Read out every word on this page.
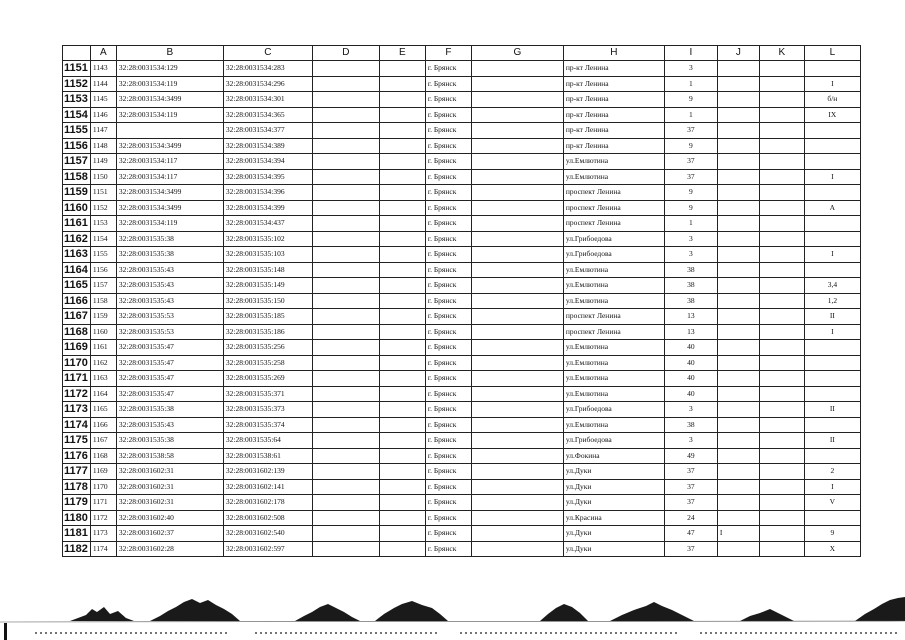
	A	B	C	D	E	F	G	H	I	J	K	L
1151	1143	32:28:0031534:129	32:28:0031534:283			г. Брянск		пр-кт Ленина	3			
1152	1144	32:28:0031534:119	32:28:0031534:296			г. Брянск		пр-кт Ленина	1			I
1153	1145	32:28:0031534:3499	32:28:0031534:301			г. Брянск		пр-кт Ленина	9			б/н
1154	1146	32:28:0031534:119	32:28:0031534:365			г. Брянск		пр-кт Ленина	1			IX
1155	1147		32:28:0031534:377			г. Брянск		пр-кт Ленина	37			
1156	1148	32:28:0031534:3499	32:28:0031534:389			г. Брянск		пр-кт Ленина	9			
1157	1149	32:28:0031534:117	32:28:0031534:394			г. Брянск		ул.Емлютина	37			
1158	1150	32:28:0031534:117	32:28:0031534:395			г. Брянск		ул.Емлютина	37			I
1159	1151	32:28:0031534:3499	32:28:0031534:396			г. Брянск		проспект Ленина	9			
1160	1152	32:28:0031534:3499	32:28:0031534:399			г. Брянск		проспект Ленина	9			А
1161	1153	32:28:0031534:119	32:28:0031534:437			г. Брянск		проспект Ленина	1			
1162	1154	32:28:0031535:38	32:28:0031535:102			г. Брянск		ул.Грибоедова	3			
1163	1155	32:28:0031535:38	32:28:0031535:103			г. Брянск		ул.Грибоедова	3			I
1164	1156	32:28:0031535:43	32:28:0031535:148			г. Брянск		ул.Емлютина	38			
1165	1157	32:28:0031535:43	32:28:0031535:149			г. Брянск		ул.Емлютина	38			3,4
1166	1158	32:28:0031535:43	32:28:0031535:150			г. Брянск		ул.Емлютина	38			1,2
1167	1159	32:28:0031535:53	32:28:0031535:185			г. Брянск		проспект Ленина	13			II
1168	1160	32:28:0031535:53	32:28:0031535:186			г. Брянск		проспект Ленина	13			I
1169	1161	32:28:0031535:47	32:28:0031535:256			г. Брянск		ул.Емлютина	40			
1170	1162	32:28:0031535:47	32:28:0031535:258			г. Брянск		ул.Емлютина	40			
1171	1163	32:28:0031535:47	32:28:0031535:269			г. Брянск		ул.Емлютина	40			
1172	1164	32:28:0031535:47	32:28:0031535:371			г. Брянск		ул.Емлютина	40			
1173	1165	32:28:0031535:38	32:28:0031535:373			г. Брянск		ул.Грибоедова	3			II
1174	1166	32:28:0031535:43	32:28:0031535:374			г. Брянск		ул.Емлютина	38			
1175	1167	32:28:0031535:38	32:28:0031535:64			г. Брянск		ул.Грибоедова	3			II
1176	1168	32:28:0031538:58	32:28:0031538:61			г. Брянск		ул.Фокина	49			
1177	1169	32:28:0031602:31	32:28:0031602:139			г. Брянск		ул.Дуки	37			2
1178	1170	32:28:0031602:31	32:28:0031602:141			г. Брянск		ул.Дуки	37			I
1179	1171	32:28:0031602:31	32:28:0031602:178			г. Брянск		ул.Дуки	37			V
1180	1172	32:28:0031602:40	32:28:0031602:508			г. Брянск		ул.Красина	24			
1181	1173	32:28:0031602:37	32:28:0031602:540			г. Брянск		ул.Дуки	47	I		9
1182	1174	32:28:0031602:28	32:28:0031602:597			г. Брянск		ул.Дуки	37			X
